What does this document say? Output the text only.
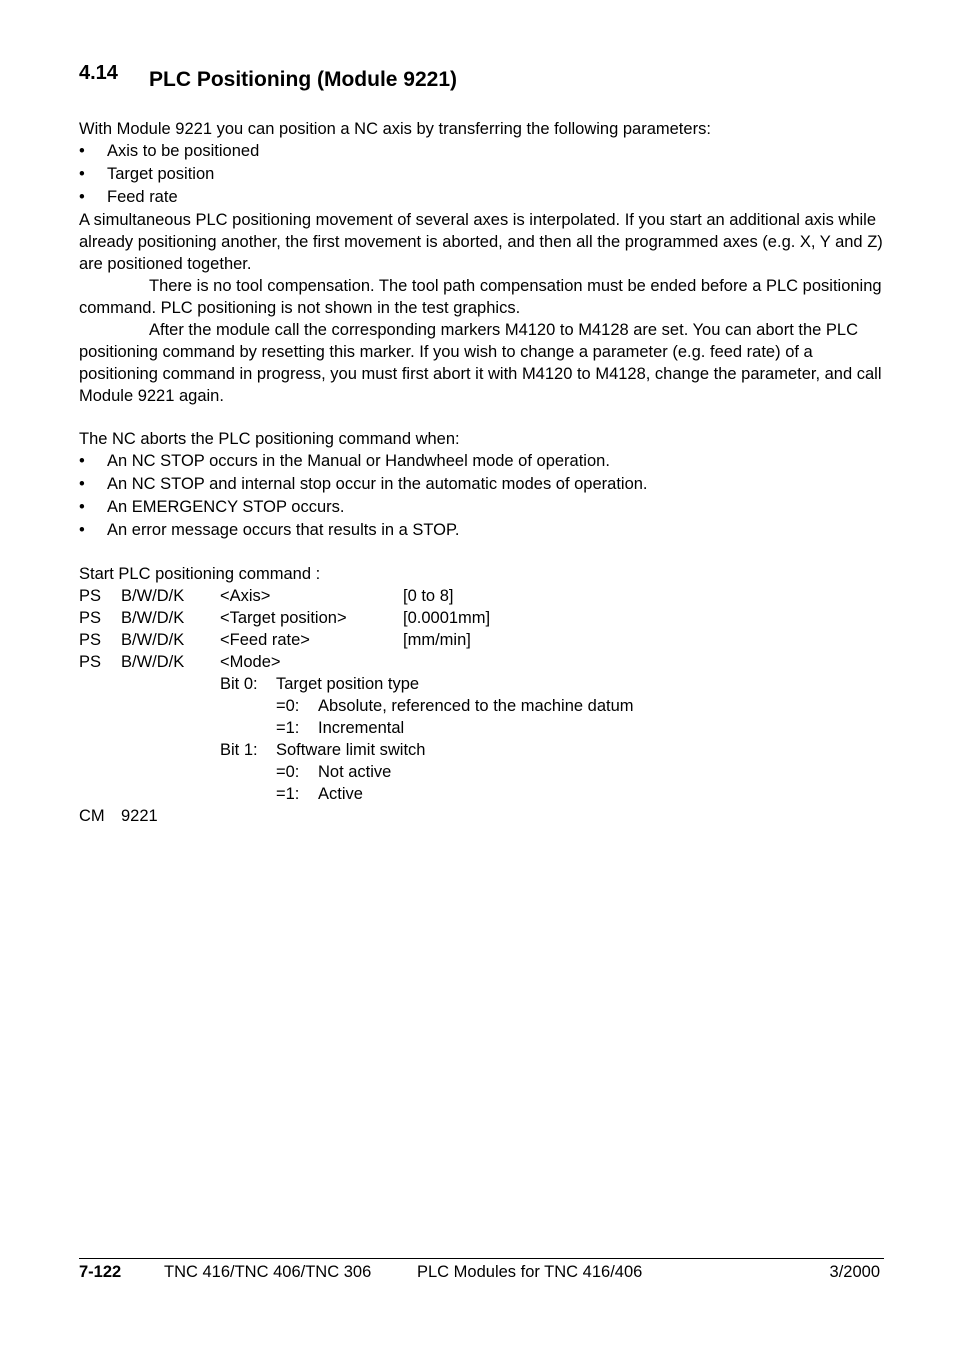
4.14 PLC Positioning (Module 9221)

With Module 9221 you can position a NC axis by transferring the following parameters:

• Axis to be positioned
• Target position
• Feed rate

A simultaneous PLC positioning movement of several axes is interpolated. If you start an additional axis while already positioning another, the first movement is aborted, and then all the programmed axes (e.g. X, Y and Z) are positioned together.

There is no tool compensation. The tool path compensation must be ended before a PLC positioning command. PLC positioning is not shown in the test graphics.

After the module call the corresponding markers M4120 to M4128 are set. You can abort the PLC positioning command by resetting this marker. If you wish to change a parameter (e.g. feed rate) of a positioning command in progress, you must first abort it with M4120 to M4128, change the parameter, and call Module 9221 again.

The NC aborts the PLC positioning command when:

• An NC STOP occurs in the Manual or Handwheel mode of operation.
• An NC STOP and internal stop occur in the automatic modes of operation.
• An EMERGENCY STOP occurs.
• An error message occurs that results in a STOP.

Start PLC positioning command :

PS B/W/D/K <Axis>	[0 to 8]
PS B/W/D/K <Target position>	[0.0001mm]
PS B/W/D/K <Feed rate>	[mm/min]
PS B/W/D/K <Mode>
Bit 0: Target position type
=0: Absolute, referenced to the machine datum
=1: Incremental
Bit 1: Software limit switch
=0: Not active
=1: Active
CM 9221
7-122	TNC 416/TNC 406/TNC 306	PLC Modules for TNC 416/406	3/2000
